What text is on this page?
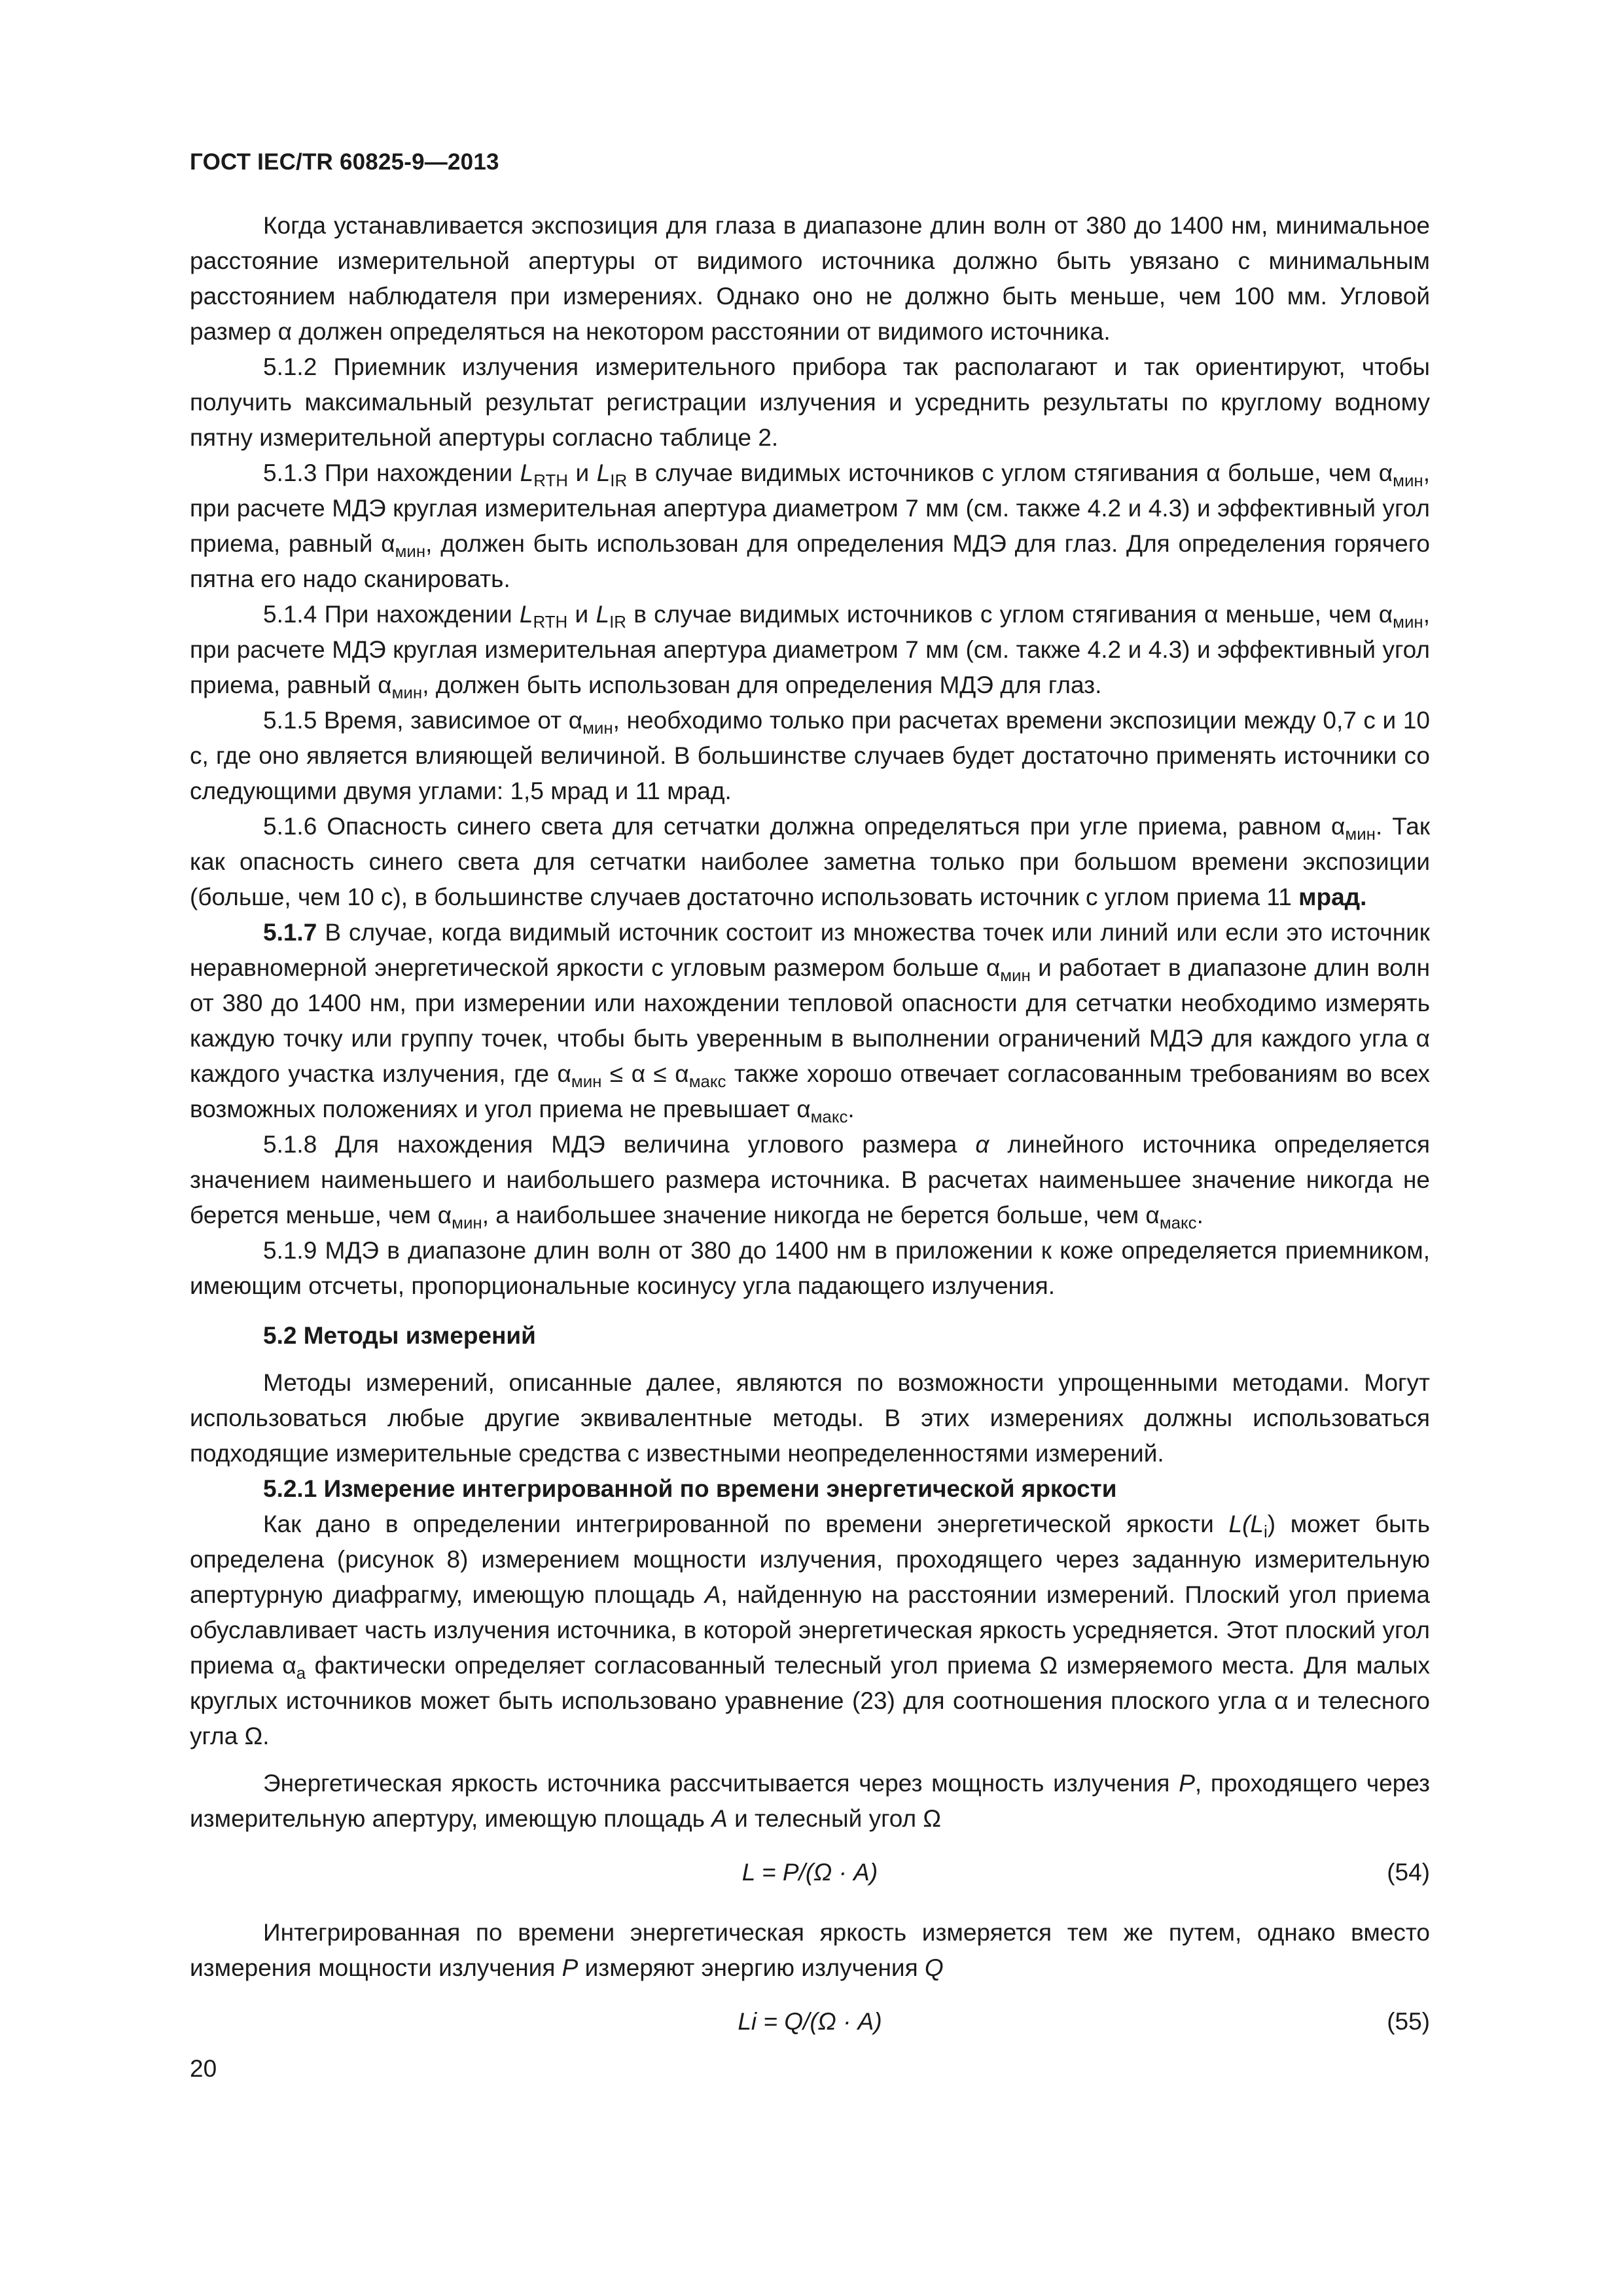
ГОСТ IEC/TR 60825-9—2013

Когда устанавливается экспозиция для глаза в диапазоне длин волн от 380 до 1400 нм, минимальное расстояние измерительной апертуры от видимого источника должно быть увязано с минимальным расстоянием наблюдателя при измерениях. Однако оно не должно быть меньше, чем 100 мм. Угловой размер α должен определяться на некотором расстоянии от видимого источника.

5.1.2 Приемник излучения измерительного прибора так располагают и так ориентируют, чтобы получить максимальный результат регистрации излучения и усреднить результаты по круглому водному пятну измерительной апертуры согласно таблице 2.

5.1.3 При нахождении $L_{RTH}$ и $L_{IR}$ в случае видимых источников с углом стягивания α больше, чем $\alpha_{мин}$, при расчете МДЭ круглая измерительная апертура диаметром 7 мм (см. также 4.2 и 4.3) и эффективный угол приема, равный $\alpha_{мин}$, должен быть использован для определения МДЭ для глаз. Для определения горячего пятна его надо сканировать.

5.1.4 При нахождении $L_{RTH}$ и $L_{IR}$ в случае видимых источников с углом стягивания α меньше, чем $\alpha_{мин}$, при расчете МДЭ круглая измерительная апертура диаметром 7 мм (см. также 4.2 и 4.3) и эффективный угол приема, равный $\alpha_{мин}$, должен быть использован для определения МДЭ для глаз.

5.1.5 Время, зависимое от $\alpha_{мин}$, необходимо только при расчетах времени экспозиции между 0,7 с и 10 с, где оно является влияющей величиной. В большинстве случаев будет достаточно применять источники со следующими двумя углами: 1,5 мрад и 11 мрад.

5.1.6 Опасность синего света для сетчатки должна определяться при угле приема, равном $\alpha_{мин}$. Так как опасность синего света для сетчатки наиболее заметна только при большом времени экспозиции (больше, чем 10 с), в большинстве случаев достаточно использовать источник с углом приема 11 мрад.

5.1.7 В случае, когда видимый источник состоит из множества точек или линий или если это источник неравномерной энергетической яркости с угловым размером больше $\alpha_{мин}$ и работает в диапазоне длин волн от 380 до 1400 нм, при измерении или нахождении тепловой опасности для сетчатки необходимо измерять каждую точку или группу точек, чтобы быть уверенным в выполнении ограничений МДЭ для каждого угла α каждого участка излучения, где $\alpha_{мин} \le \alpha \le \alpha_{макс}$ также хорошо отвечает согласованным требованиям во всех возможных положениях и угол приема не превышает $\alpha_{макс}$.

5.1.8 Для нахождения МДЭ величина углового размера α линейного источника определяется значением наименьшего и наибольшего размера источника. В расчетах наименьшее значение никогда не берется меньше, чем $\alpha_{мин}$, а наибольшее значение никогда не берется больше, чем $\alpha_{макс}$.

5.1.9 МДЭ в диапазоне длин волн от 380 до 1400 нм в приложении к коже определяется приемником, имеющим отсчеты, пропорциональные косинусу угла падающего излучения.

5.2 Методы измерений

Методы измерений, описанные далее, являются по возможности упрощенными методами. Могут использоваться любые другие эквивалентные методы. В этих измерениях должны использоваться подходящие измерительные средства с известными неопределенностями измерений.

5.2.1 Измерение интегрированной по времени энергетической яркости

Как дано в определении интегрированной по времени энергетической яркости $L(L_i)$ может быть определена (рисунок 8) измерением мощности излучения, проходящего через заданную измерительную апертурную диафрагму, имеющую площадь A, найденную на расстоянии измерений. Плоский угол приема обуславливает часть излучения источника, в которой энергетическая яркость усредняется. Этот плоский угол приема $\alpha_a$ фактически определяет согласованный телесный угол приема Ω измеряемого места. Для малых круглых источников может быть использовано уравнение (23) для соотношения плоского угла α и телесного угла Ω.

Энергетическая яркость источника рассчитывается через мощность излучения P, проходящего через измерительную апертуру, имеющую площадь A и телесный угол Ω

L = P/(Ω · A)	(54)

Интегрированная по времени энергетическая яркость измеряется тем же путем, однако вместо измерения мощности излучения P измеряют энергию излучения Q

Li = Q/(Ω · A)	(55)
20
